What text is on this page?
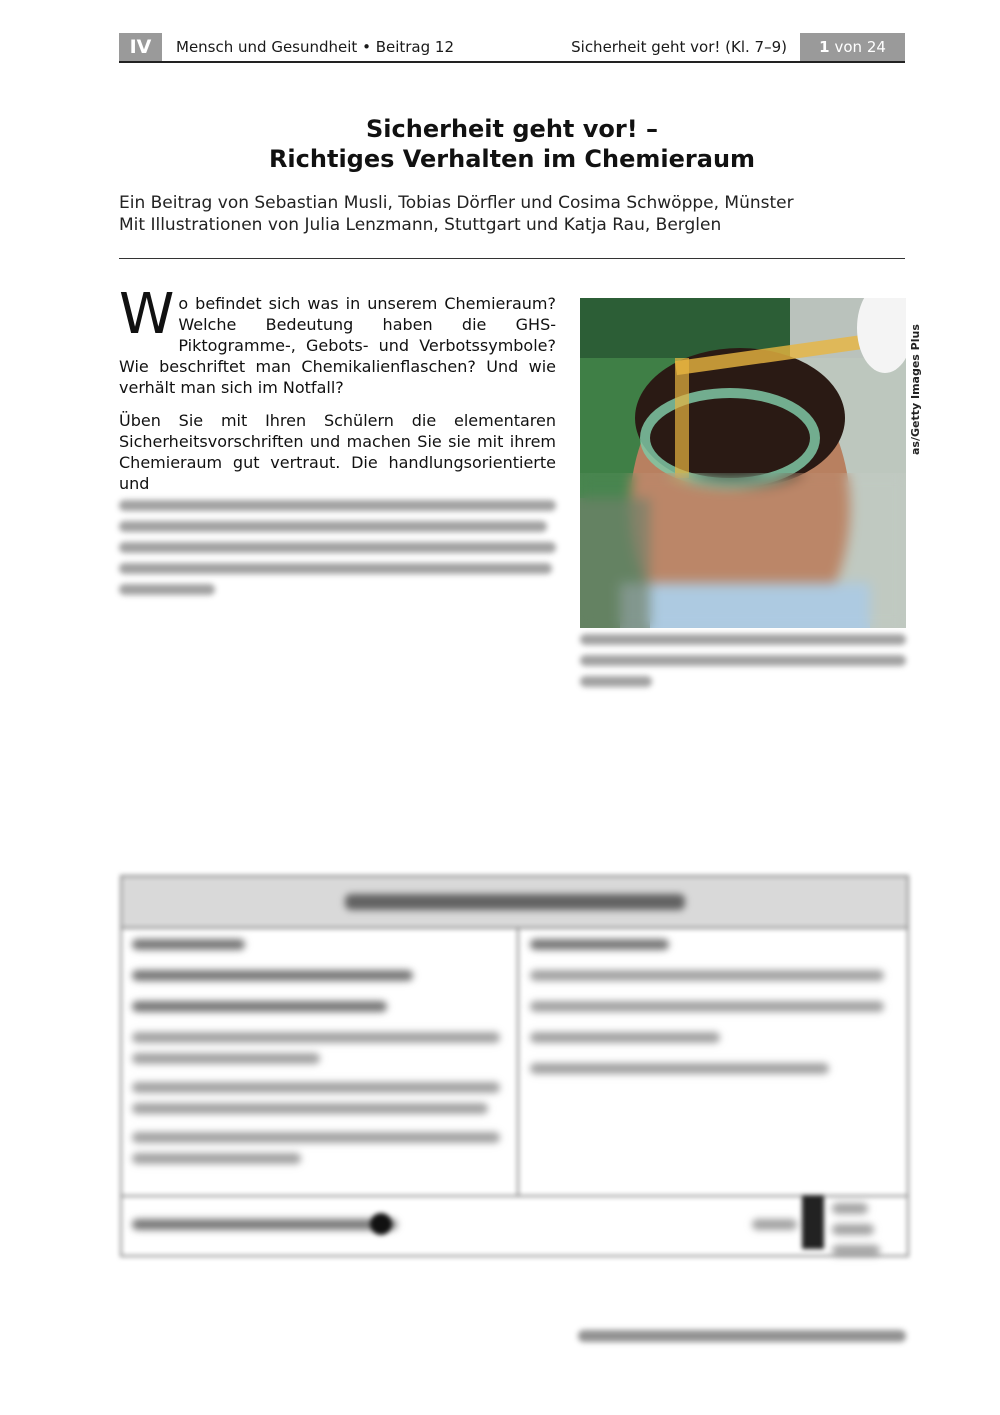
IV	Mensch und Gesundheit • Beitrag 12	Sicherheit geht vor! (Kl. 7–9) 1 von 24
Sicherheit geht vor! –
Richtiges Verhalten im Chemieraum
Ein Beitrag von Sebastian Musli, Tobias Dörfler und Cosima Schwöppe, Münster
Mit Illustrationen von Julia Lenzmann, Stuttgart und Katja Rau, Berglen

W o befindet sich was in unserem Chemieraum? Welche Bedeutung haben die GHS-Piktogramme-, Gebots- und Verbotssymbole? Wie beschriftet man Chemikalienflaschen? Und wie verhält man sich im Notfall?

Üben Sie mit Ihren Schülern die elementaren Sicherheitsvorschriften und machen Sie sie mit ihrem Chemieraum gut vertraut. Die handlungsorientierte und

as/Getty Images Plus
